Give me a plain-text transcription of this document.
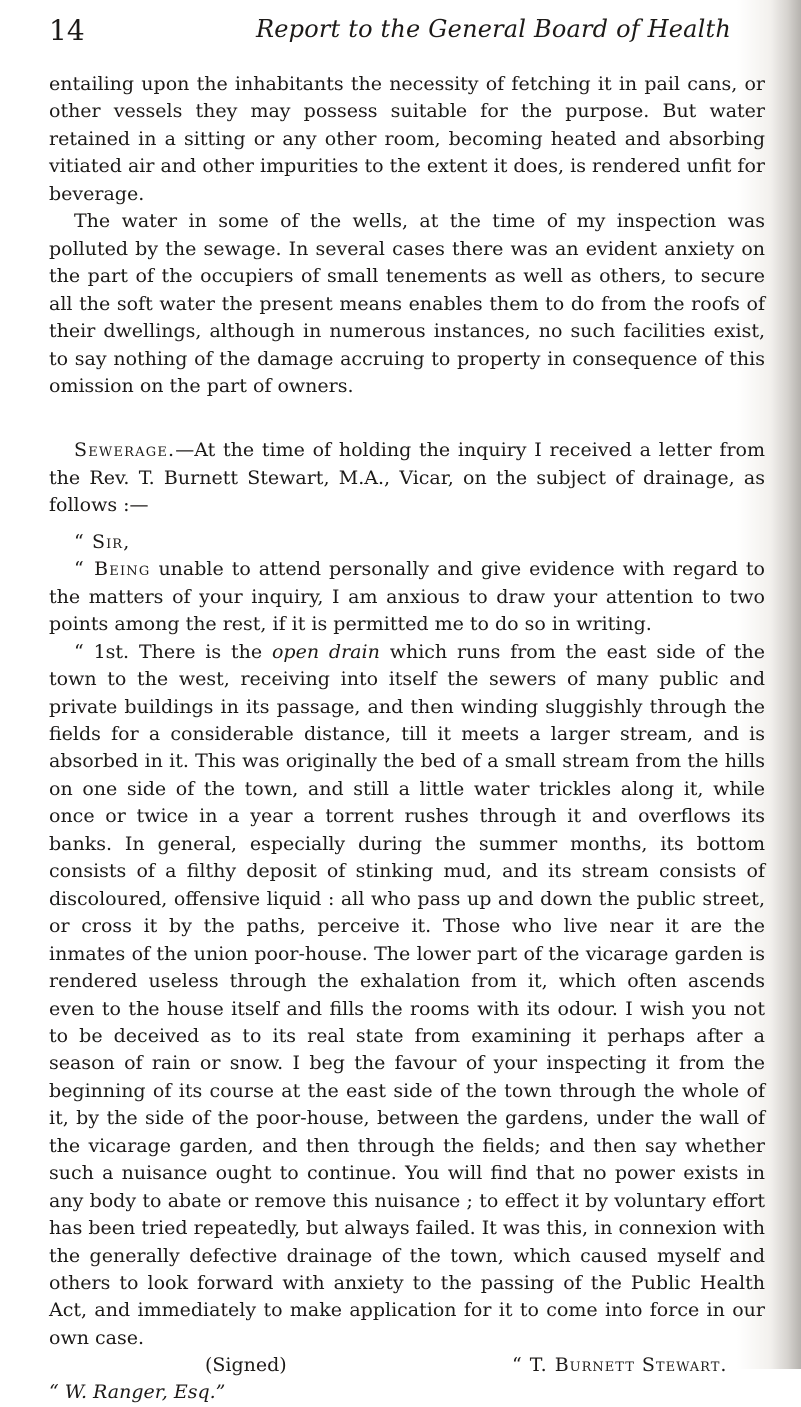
14	Report to the General Board of Health

entailing upon the inhabitants the necessity of fetching it in pail cans, or other vessels they may possess suitable for the purpose. But water retained in a sitting or any other room, becoming heated and absorbing vitiated air and other impurities to the extent it does, is rendered unfit for beverage.

The water in some of the wells, at the time of my inspection was polluted by the sewage. In several cases there was an evident anxiety on the part of the occupiers of small tenements as well as others, to secure all the soft water the present means enables them to do from the roofs of their dwellings, although in numerous instances, no such facilities exist, to say nothing of the damage accruing to property in consequence of this omission on the part of owners.

Sewerage.—At the time of holding the inquiry I received a letter from the Rev. T. Burnett Stewart, M.A., Vicar, on the subject of drainage, as follows :—

“ Sir,

“ Being unable to attend personally and give evidence with regard to the matters of your inquiry, I am anxious to draw your attention to two points among the rest, if it is permitted me to do so in writing.

“ 1st. There is the open drain which runs from the east side of the town to the west, receiving into itself the sewers of many public and private buildings in its passage, and then winding sluggishly through the fields for a considerable distance, till it meets a larger stream, and is absorbed in it. This was originally the bed of a small stream from the hills on one side of the town, and still a little water trickles along it, while once or twice in a year a torrent rushes through it and overflows its banks. In general, especially during the summer months, its bottom consists of a filthy deposit of stinking mud, and its stream consists of discoloured, offensive liquid : all who pass up and down the public street, or cross it by the paths, perceive it. Those who live near it are the inmates of the union poor-house. The lower part of the vicarage garden is rendered useless through the exhalation from it, which often ascends even to the house itself and fills the rooms with its odour. I wish you not to be deceived as to its real state from examining it perhaps after a season of rain or snow. I beg the favour of your inspecting it from the beginning of its course at the east side of the town through the whole of it, by the side of the poor-house, between the gardens, under the wall of the vicarage garden, and then through the fields; and then say whether such a nuisance ought to continue. You will find that no power exists in any body to abate or remove this nuisance ; to effect it by voluntary effort has been tried repeatedly, but always failed. It was this, in connexion with the generally defective drainage of the town, which caused myself and others to look forward with anxiety to the passing of the Public Health Act, and immediately to make application for it to come into force in our own case.

(Signed)	“ T. Burnett Stewart.

“ W. Ranger, Esq.”
